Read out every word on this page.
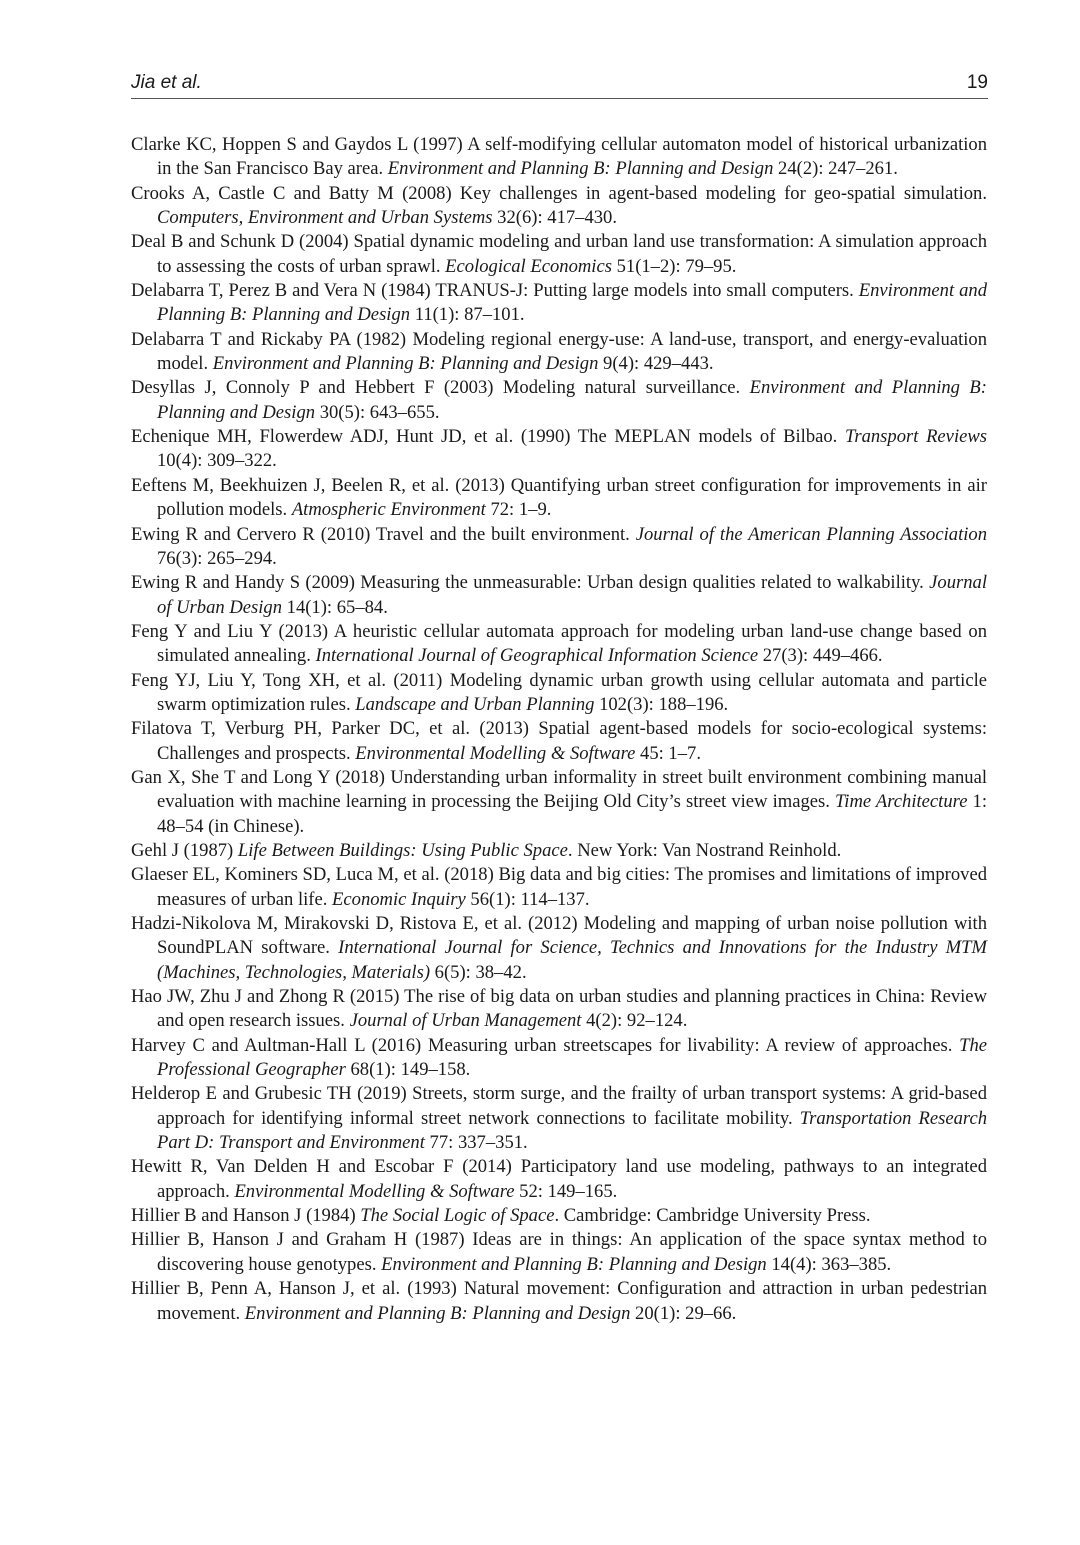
Jia et al.	19
Clarke KC, Hoppen S and Gaydos L (1997) A self-modifying cellular automaton model of historical urbanization in the San Francisco Bay area. Environment and Planning B: Planning and Design 24(2): 247–261.
Crooks A, Castle C and Batty M (2008) Key challenges in agent-based modeling for geo-spatial simulation. Computers, Environment and Urban Systems 32(6): 417–430.
Deal B and Schunk D (2004) Spatial dynamic modeling and urban land use transformation: A simulation approach to assessing the costs of urban sprawl. Ecological Economics 51(1–2): 79–95.
Delabarra T, Perez B and Vera N (1984) TRANUS-J: Putting large models into small computers. Environment and Planning B: Planning and Design 11(1): 87–101.
Delabarra T and Rickaby PA (1982) Modeling regional energy-use: A land-use, transport, and energy-evaluation model. Environment and Planning B: Planning and Design 9(4): 429–443.
Desyllas J, Connoly P and Hebbert F (2003) Modeling natural surveillance. Environment and Planning B: Planning and Design 30(5): 643–655.
Echenique MH, Flowerdew ADJ, Hunt JD, et al. (1990) The MEPLAN models of Bilbao. Transport Reviews 10(4): 309–322.
Eeftens M, Beekhuizen J, Beelen R, et al. (2013) Quantifying urban street configuration for improvements in air pollution models. Atmospheric Environment 72: 1–9.
Ewing R and Cervero R (2010) Travel and the built environment. Journal of the American Planning Association 76(3): 265–294.
Ewing R and Handy S (2009) Measuring the unmeasurable: Urban design qualities related to walkability. Journal of Urban Design 14(1): 65–84.
Feng Y and Liu Y (2013) A heuristic cellular automata approach for modeling urban land-use change based on simulated annealing. International Journal of Geographical Information Science 27(3): 449–466.
Feng YJ, Liu Y, Tong XH, et al. (2011) Modeling dynamic urban growth using cellular automata and particle swarm optimization rules. Landscape and Urban Planning 102(3): 188–196.
Filatova T, Verburg PH, Parker DC, et al. (2013) Spatial agent-based models for socio-ecological systems: Challenges and prospects. Environmental Modelling & Software 45: 1–7.
Gan X, She T and Long Y (2018) Understanding urban informality in street built environment combining manual evaluation with machine learning in processing the Beijing Old City’s street view images. Time Architecture 1: 48–54 (in Chinese).
Gehl J (1987) Life Between Buildings: Using Public Space. New York: Van Nostrand Reinhold.
Glaeser EL, Kominers SD, Luca M, et al. (2018) Big data and big cities: The promises and limitations of improved measures of urban life. Economic Inquiry 56(1): 114–137.
Hadzi-Nikolova M, Mirakovski D, Ristova E, et al. (2012) Modeling and mapping of urban noise pollution with SoundPLAN software. International Journal for Science, Technics and Innovations for the Industry MTM (Machines, Technologies, Materials) 6(5): 38–42.
Hao JW, Zhu J and Zhong R (2015) The rise of big data on urban studies and planning practices in China: Review and open research issues. Journal of Urban Management 4(2): 92–124.
Harvey C and Aultman-Hall L (2016) Measuring urban streetscapes for livability: A review of approaches. The Professional Geographer 68(1): 149–158.
Helderop E and Grubesic TH (2019) Streets, storm surge, and the frailty of urban transport systems: A grid-based approach for identifying informal street network connections to facilitate mobility. Transportation Research Part D: Transport and Environment 77: 337–351.
Hewitt R, Van Delden H and Escobar F (2014) Participatory land use modeling, pathways to an integrated approach. Environmental Modelling & Software 52: 149–165.
Hillier B and Hanson J (1984) The Social Logic of Space. Cambridge: Cambridge University Press.
Hillier B, Hanson J and Graham H (1987) Ideas are in things: An application of the space syntax method to discovering house genotypes. Environment and Planning B: Planning and Design 14(4): 363–385.
Hillier B, Penn A, Hanson J, et al. (1993) Natural movement: Configuration and attraction in urban pedestrian movement. Environment and Planning B: Planning and Design 20(1): 29–66.
